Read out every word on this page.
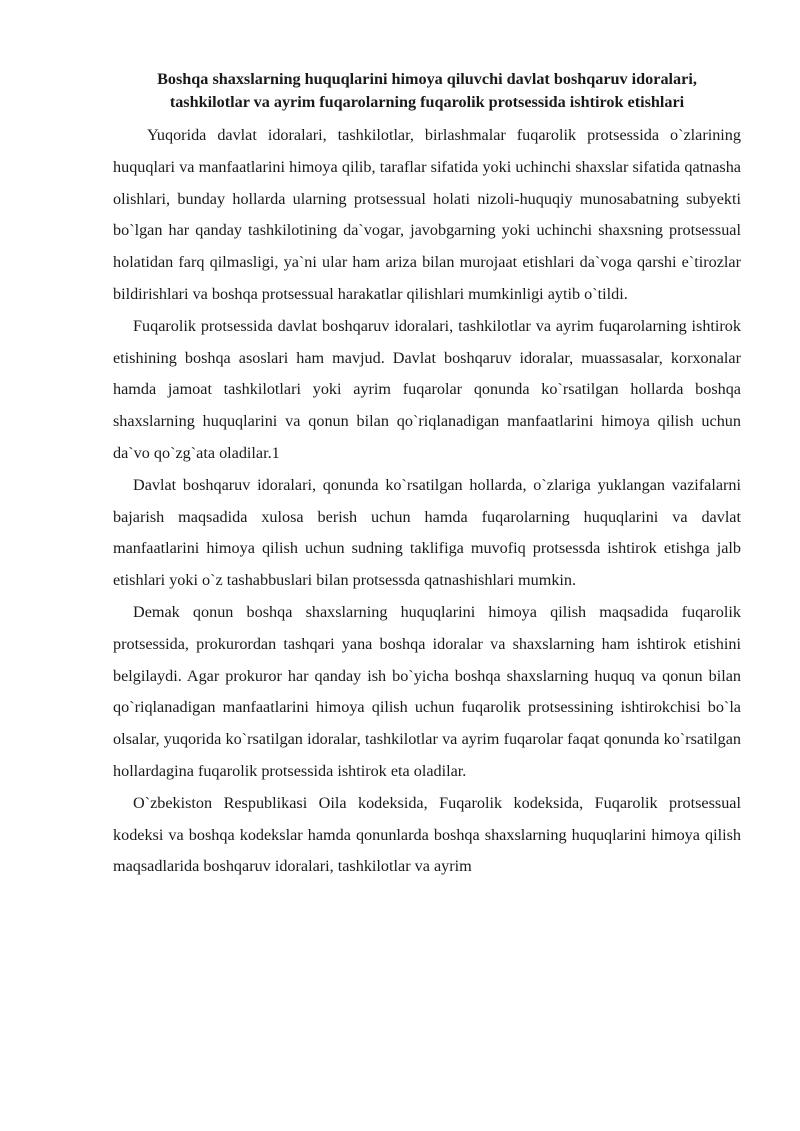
Boshqa shaxslarning huquqlarini himoya qiluvchi davlat boshqaruv idoralari,
tashkilotlar va ayrim fuqarolarning fuqarolik protsessida ishtirok etishlari

Yuqorida davlat idoralari, tashkilotlar, birlashmalar fuqarolik protsessida o`zlarining huquqlari va manfaatlarini himoya qilib, taraflar sifatida yoki uchinchi shaxslar sifatida qatnasha olishlari, bunday hollarda ularning protsessual holati nizoli-huquqiy munosabatning subyekti bo`lgan har qanday tashkilotining da`vogar, javobgarning yoki uchinchi shaxsning protsessual holatidan farq qilmasligi, ya`ni ular ham ariza bilan murojaat etishlari da`voga qarshi e`tirozlar bildirishlari va boshqa protsessual harakatlar qilishlari mumkinligi aytib o`tildi.

Fuqarolik protsessida davlat boshqaruv idoralari, tashkilotlar va ayrim fuqarolarning ishtirok etishining boshqa asoslari ham mavjud. Davlat boshqaruv idoralar, muassasalar, korxonalar hamda jamoat tashkilotlari yoki ayrim fuqarolar qonunda ko`rsatilgan hollarda boshqa shaxslarning huquqlarini va qonun bilan qo`riqlanadigan manfaatlarini himoya qilish uchun da`vo qo`zg`ata oladilar.1

Davlat boshqaruv idoralari, qonunda ko`rsatilgan hollarda, o`zlariga yuklangan vazifalarni bajarish maqsadida xulosa berish uchun hamda fuqarolarning huquqlarini va davlat manfaatlarini himoya qilish uchun sudning taklifiga muvofiq protsessda ishtirok etishga jalb etishlari yoki o`z tashabbuslari bilan protsessda qatnashishlari mumkin.

Demak qonun boshqa shaxslarning huquqlarini himoya qilish maqsadida fuqarolik protsessida, prokurordan tashqari yana boshqa idoralar va shaxslarning ham ishtirok etishini belgilaydi. Agar prokuror har qanday ish bo`yicha boshqa shaxslarning huquq va qonun bilan qo`riqlanadigan manfaatlarini himoya qilish uchun fuqarolik protsessining ishtirokchisi bo`la olsalar, yuqorida ko`rsatilgan idoralar, tashkilotlar va ayrim fuqarolar faqat qonunda ko`rsatilgan hollardagina fuqarolik protsessida ishtirok eta oladilar.

O`zbekiston Respublikasi Oila kodeksida, Fuqarolik kodeksida, Fuqarolik protsessual kodeksi va boshqa kodekslar hamda qonunlarda boshqa shaxslarning huquqlarini himoya qilish maqsadlarida boshqaruv idoralari, tashkilotlar va ayrim
